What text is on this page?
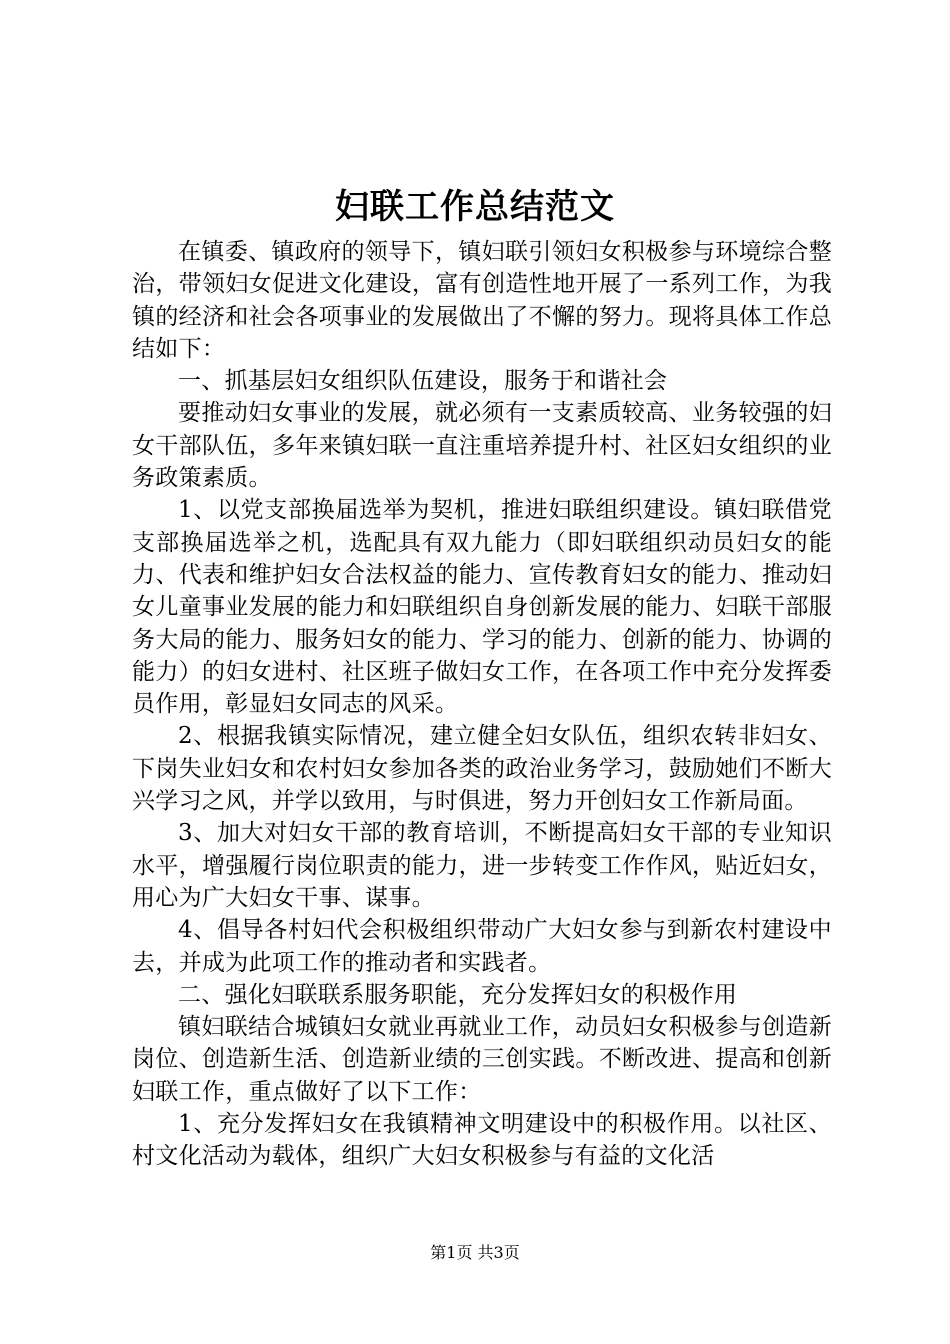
妇联工作总结范文

在镇委、镇政府的领导下，镇妇联引领妇女积极参与环境综合整治，带领妇女促进文化建设，富有创造性地开展了一系列工作，为我镇的经济和社会各项事业的发展做出了不懈的努力。现将具体工作总结如下：

一、抓基层妇女组织队伍建设，服务于和谐社会

要推动妇女事业的发展，就必须有一支素质较高、业务较强的妇女干部队伍，多年来镇妇联一直注重培养提升村、社区妇女组织的业务政策素质。

1、以党支部换届选举为契机，推进妇联组织建设。镇妇联借党支部换届选举之机，选配具有双九能力（即妇联组织动员妇女的能力、代表和维护妇女合法权益的能力、宣传教育妇女的能力、推动妇女儿童事业发展的能力和妇联组织自身创新发展的能力、妇联干部服务大局的能力、服务妇女的能力、学习的能力、创新的能力、协调的能力）的妇女进村、社区班子做妇女工作，在各项工作中充分发挥委员作用，彰显妇女同志的风采。

2、根据我镇实际情况，建立健全妇女队伍，组织农转非妇女、下岗失业妇女和农村妇女参加各类的政治业务学习，鼓励她们不断大兴学习之风，并学以致用，与时俱进，努力开创妇女工作新局面。

3、加大对妇女干部的教育培训，不断提高妇女干部的专业知识水平，增强履行岗位职责的能力，进一步转变工作作风，贴近妇女，用心为广大妇女干事、谋事。

4、倡导各村妇代会积极组织带动广大妇女参与到新农村建设中去，并成为此项工作的推动者和实践者。

二、强化妇联联系服务职能，充分发挥妇女的积极作用

镇妇联结合城镇妇女就业再就业工作，动员妇女积极参与创造新岗位、创造新生活、创造新业绩的三创实践。不断改进、提高和创新妇联工作，重点做好了以下工作：

1、充分发挥妇女在我镇精神文明建设中的积极作用。以社区、村文化活动为载体，组织广大妇女积极参与有益的文化活

第1页 共3页
